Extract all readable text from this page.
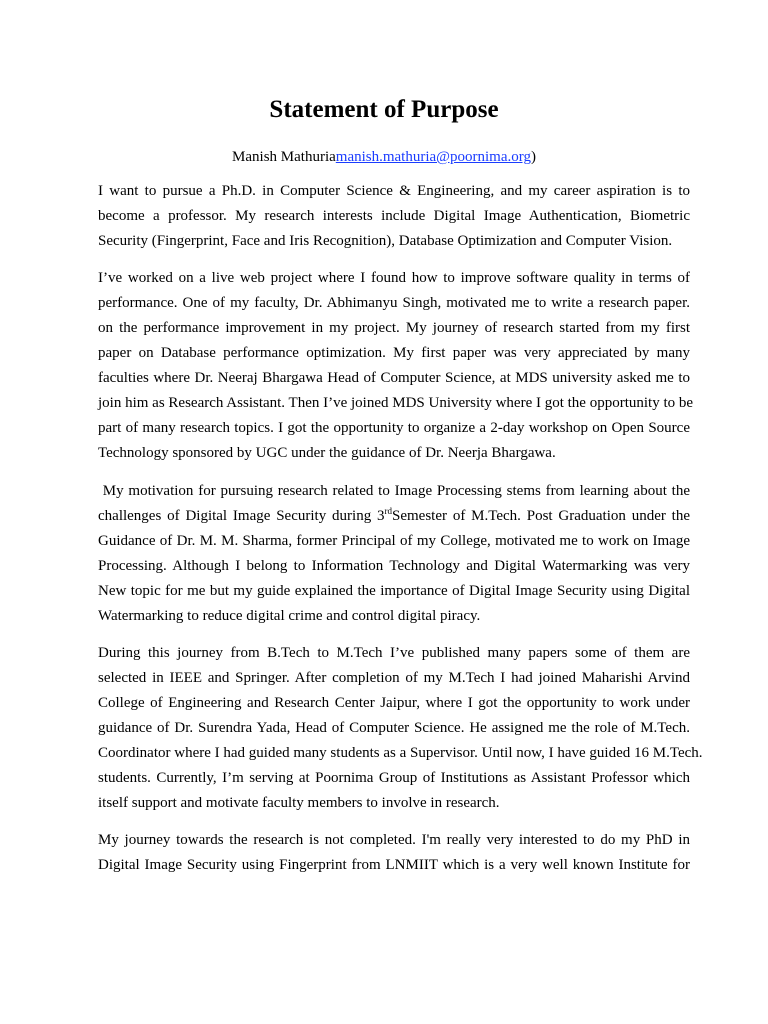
Statement of Purpose
Manish Mathuriamanish.mathuria@poornima.org)
I want to pursue a Ph.D. in Computer Science & Engineering, and my career aspiration is to
become a professor. My research interests include Digital Image Authentication, Biometric
Security (Fingerprint, Face and Iris Recognition), Database Optimization and Computer Vision.
I’ve worked on a live web project where I found how to improve software quality in terms of
performance. One of my faculty, Dr. Abhimanyu Singh, motivated me to write a research paper.
on the performance improvement in my project. My journey of research started from my first
paper on Database performance optimization. My first paper was very appreciated by many
faculties where Dr. Neeraj Bhargawa Head of Computer Science, at MDS university asked me to
join him as Research Assistant. Then I’ve joined MDS University where I got the opportunity to be
part of many research topics. I got the opportunity to organize a 2-day workshop on Open Source
Technology sponsored by UGC under the guidance of Dr. Neerja Bhargawa.
My motivation for pursuing research related to Image Processing stems from learning about the
challenges of Digital Image Security during 3rdSemester of M.Tech. Post Graduation under the
Guidance of Dr. M. M. Sharma, former Principal of my College, motivated me to work on Image
Processing. Although I belong to Information Technology and Digital Watermarking was very
New topic for me but my guide explained the importance of Digital Image Security using Digital
Watermarking to reduce digital crime and control digital piracy.
During this journey from B.Tech to M.Tech I’ve published many papers some of them are
selected in IEEE and Springer. After completion of my M.Tech I had joined Maharishi Arvind
College of Engineering and Research Center Jaipur, where I got the opportunity to work under
guidance of Dr. Surendra Yada, Head of Computer Science. He assigned me the role of M.Tech.
Coordinator where I had guided many students as a Supervisor. Until now, I have guided 16 M.Tech.
students. Currently, I’m serving at Poornima Group of Institutions as Assistant Professor which
itself support and motivate faculty members to involve in research.
My journey towards the research is not completed. I'm really very interested to do my PhD in
Digital Image Security using Fingerprint from LNMIIT which is a very well known Institute for
